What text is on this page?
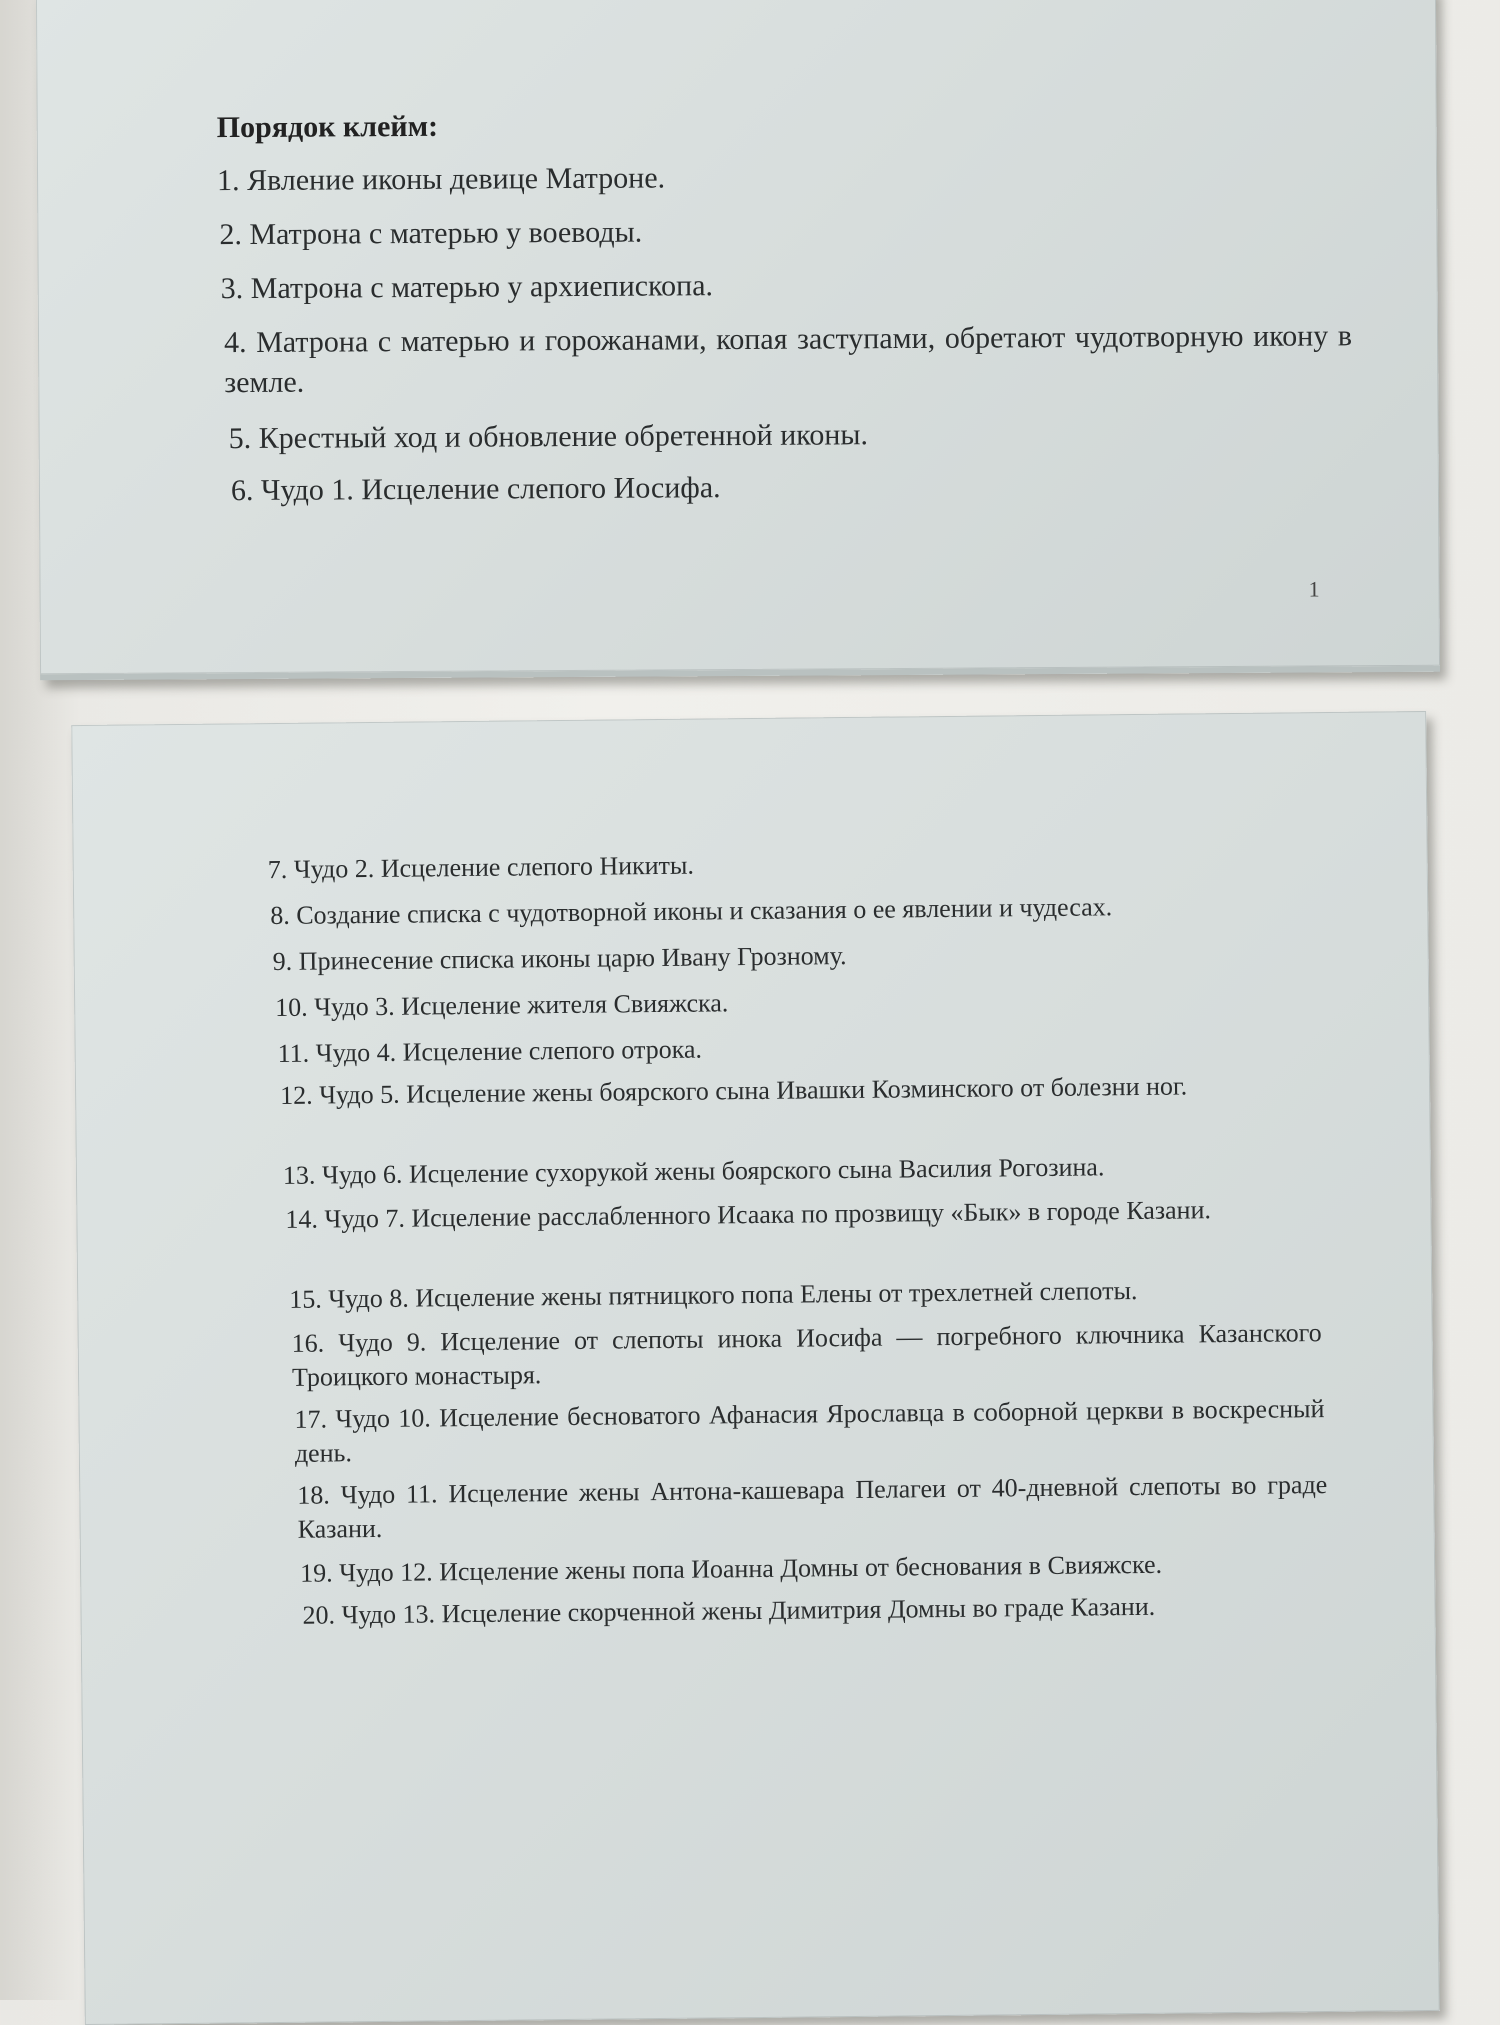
Порядок клейм:
1. Явление иконы девице Матроне.
2. Матрона с матерью у воеводы.
3. Матрона с матерью у архиепископа.
4. Матрона с матерью и горожанами, копая заступами, обретают чудотворную икону в земле.
5. Крестный ход и обновление обретенной иконы.
6. Чудо 1. Исцеление слепого Иосифа.
1
7. Чудо 2. Исцеление слепого Никиты.
8. Создание списка с чудотворной иконы и сказания о ее явлении и чудесах.
9. Принесение списка иконы царю Ивану Грозному.
10. Чудо 3. Исцеление жителя Свияжска.
11. Чудо 4. Исцеление слепого отрока.
12. Чудо 5. Исцеление жены боярского сына Ивашки Козминского от болезни ног.
13. Чудо 6. Исцеление сухорукой жены боярского сына Василия Рогозина.
14. Чудо 7. Исцеление расслабленного Исаака по прозвищу «Бык» в городе Казани.
15. Чудо 8. Исцеление жены пятницкого попа Елены от трехлетней слепоты.
16. Чудо 9. Исцеление от слепоты инока Иосифа — погребного ключника Казанского Троицкого монастыря.
17. Чудо 10. Исцеление бесноватого Афанасия Ярославца в соборной церкви в воскресный день.
18. Чудо 11. Исцеление жены Антона-кашевара Пелагеи от 40-дневной слепоты во граде Казани.
19. Чудо 12. Исцеление жены попа Иоанна Домны от беснования в Свияжске.
20. Чудо 13. Исцеление скорченной жены Димитрия Домны во граде Казани.
